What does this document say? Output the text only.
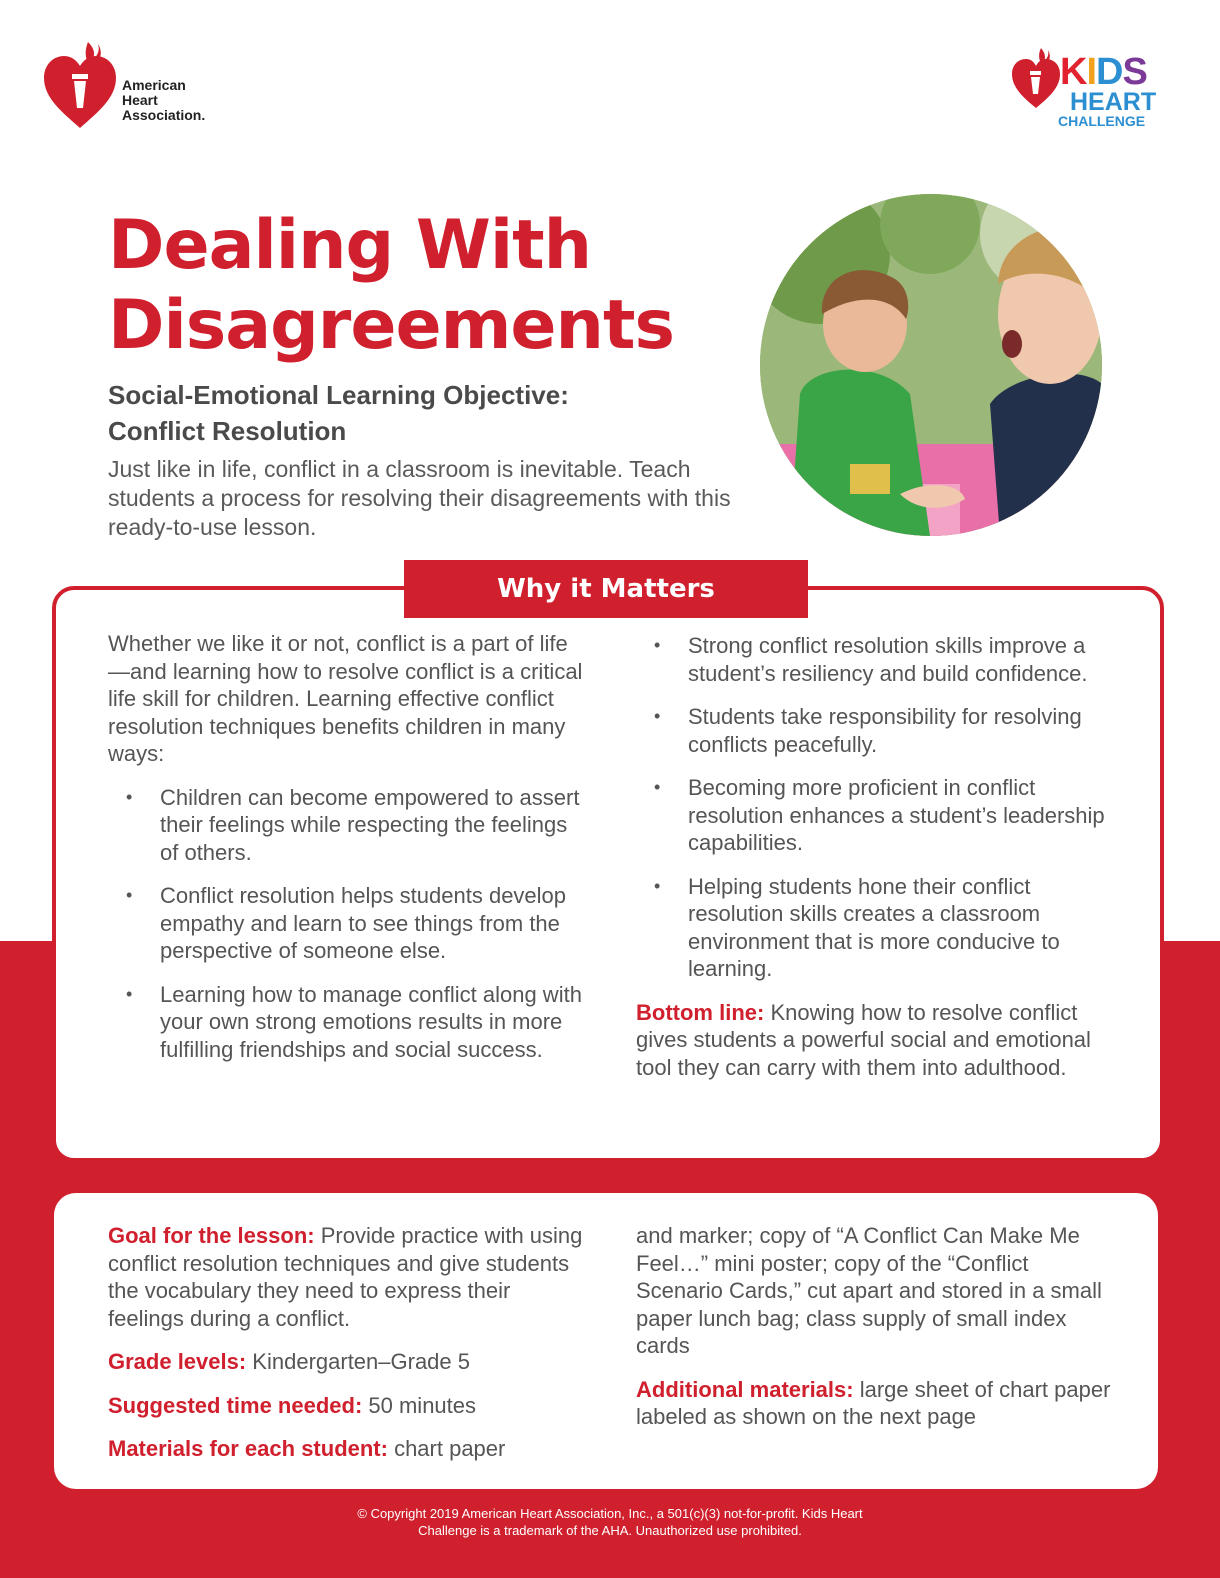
American
Heart
Association.
KIDS
HEART
CHALLENGE
Dealing With Disagreements
Social-Emotional Learning Objective:
Conflict Resolution

Just like in life, conflict in a classroom is inevitable. Teach students a process for resolving their disagreements with this ready-to-use lesson.

Why it Matters

Whether we like it or not, conflict is a part of life—and learning how to resolve conflict is a critical life skill for children. Learning effective conflict resolution techniques benefits children in many ways:

• Children can become empowered to assert their feelings while respecting the feelings of others.
• Conflict resolution helps students develop empathy and learn to see things from the perspective of someone else.
• Learning how to manage conflict along with your own strong emotions results in more fulfilling friendships and social success.
• Strong conflict resolution skills improve a student’s resiliency and build confidence.
• Students take responsibility for resolving conflicts peacefully.
• Becoming more proficient in conflict resolution enhances a student’s leadership capabilities.
• Helping students hone their conflict resolution skills creates a classroom environment that is more conducive to learning.

Bottom line: Knowing how to resolve conflict gives students a powerful social and emotional tool they can carry with them into adulthood.

Goal for the lesson: Provide practice with using conflict resolution techniques and give students the vocabulary they need to express their feelings during a conflict.

Grade levels: Kindergarten–Grade 5

Suggested time needed: 50 minutes

Materials for each student: chart paper

and marker; copy of “A Conflict Can Make Me Feel…” mini poster; copy of the “Conflict Scenario Cards,” cut apart and stored in a small paper lunch bag; class supply of small index cards

Additional materials: large sheet of chart paper labeled as shown on the next page

© Copyright 2019 American Heart Association, Inc., a 501(c)(3) not-for-profit. Kids Heart
Challenge is a trademark of the AHA. Unauthorized use prohibited.
